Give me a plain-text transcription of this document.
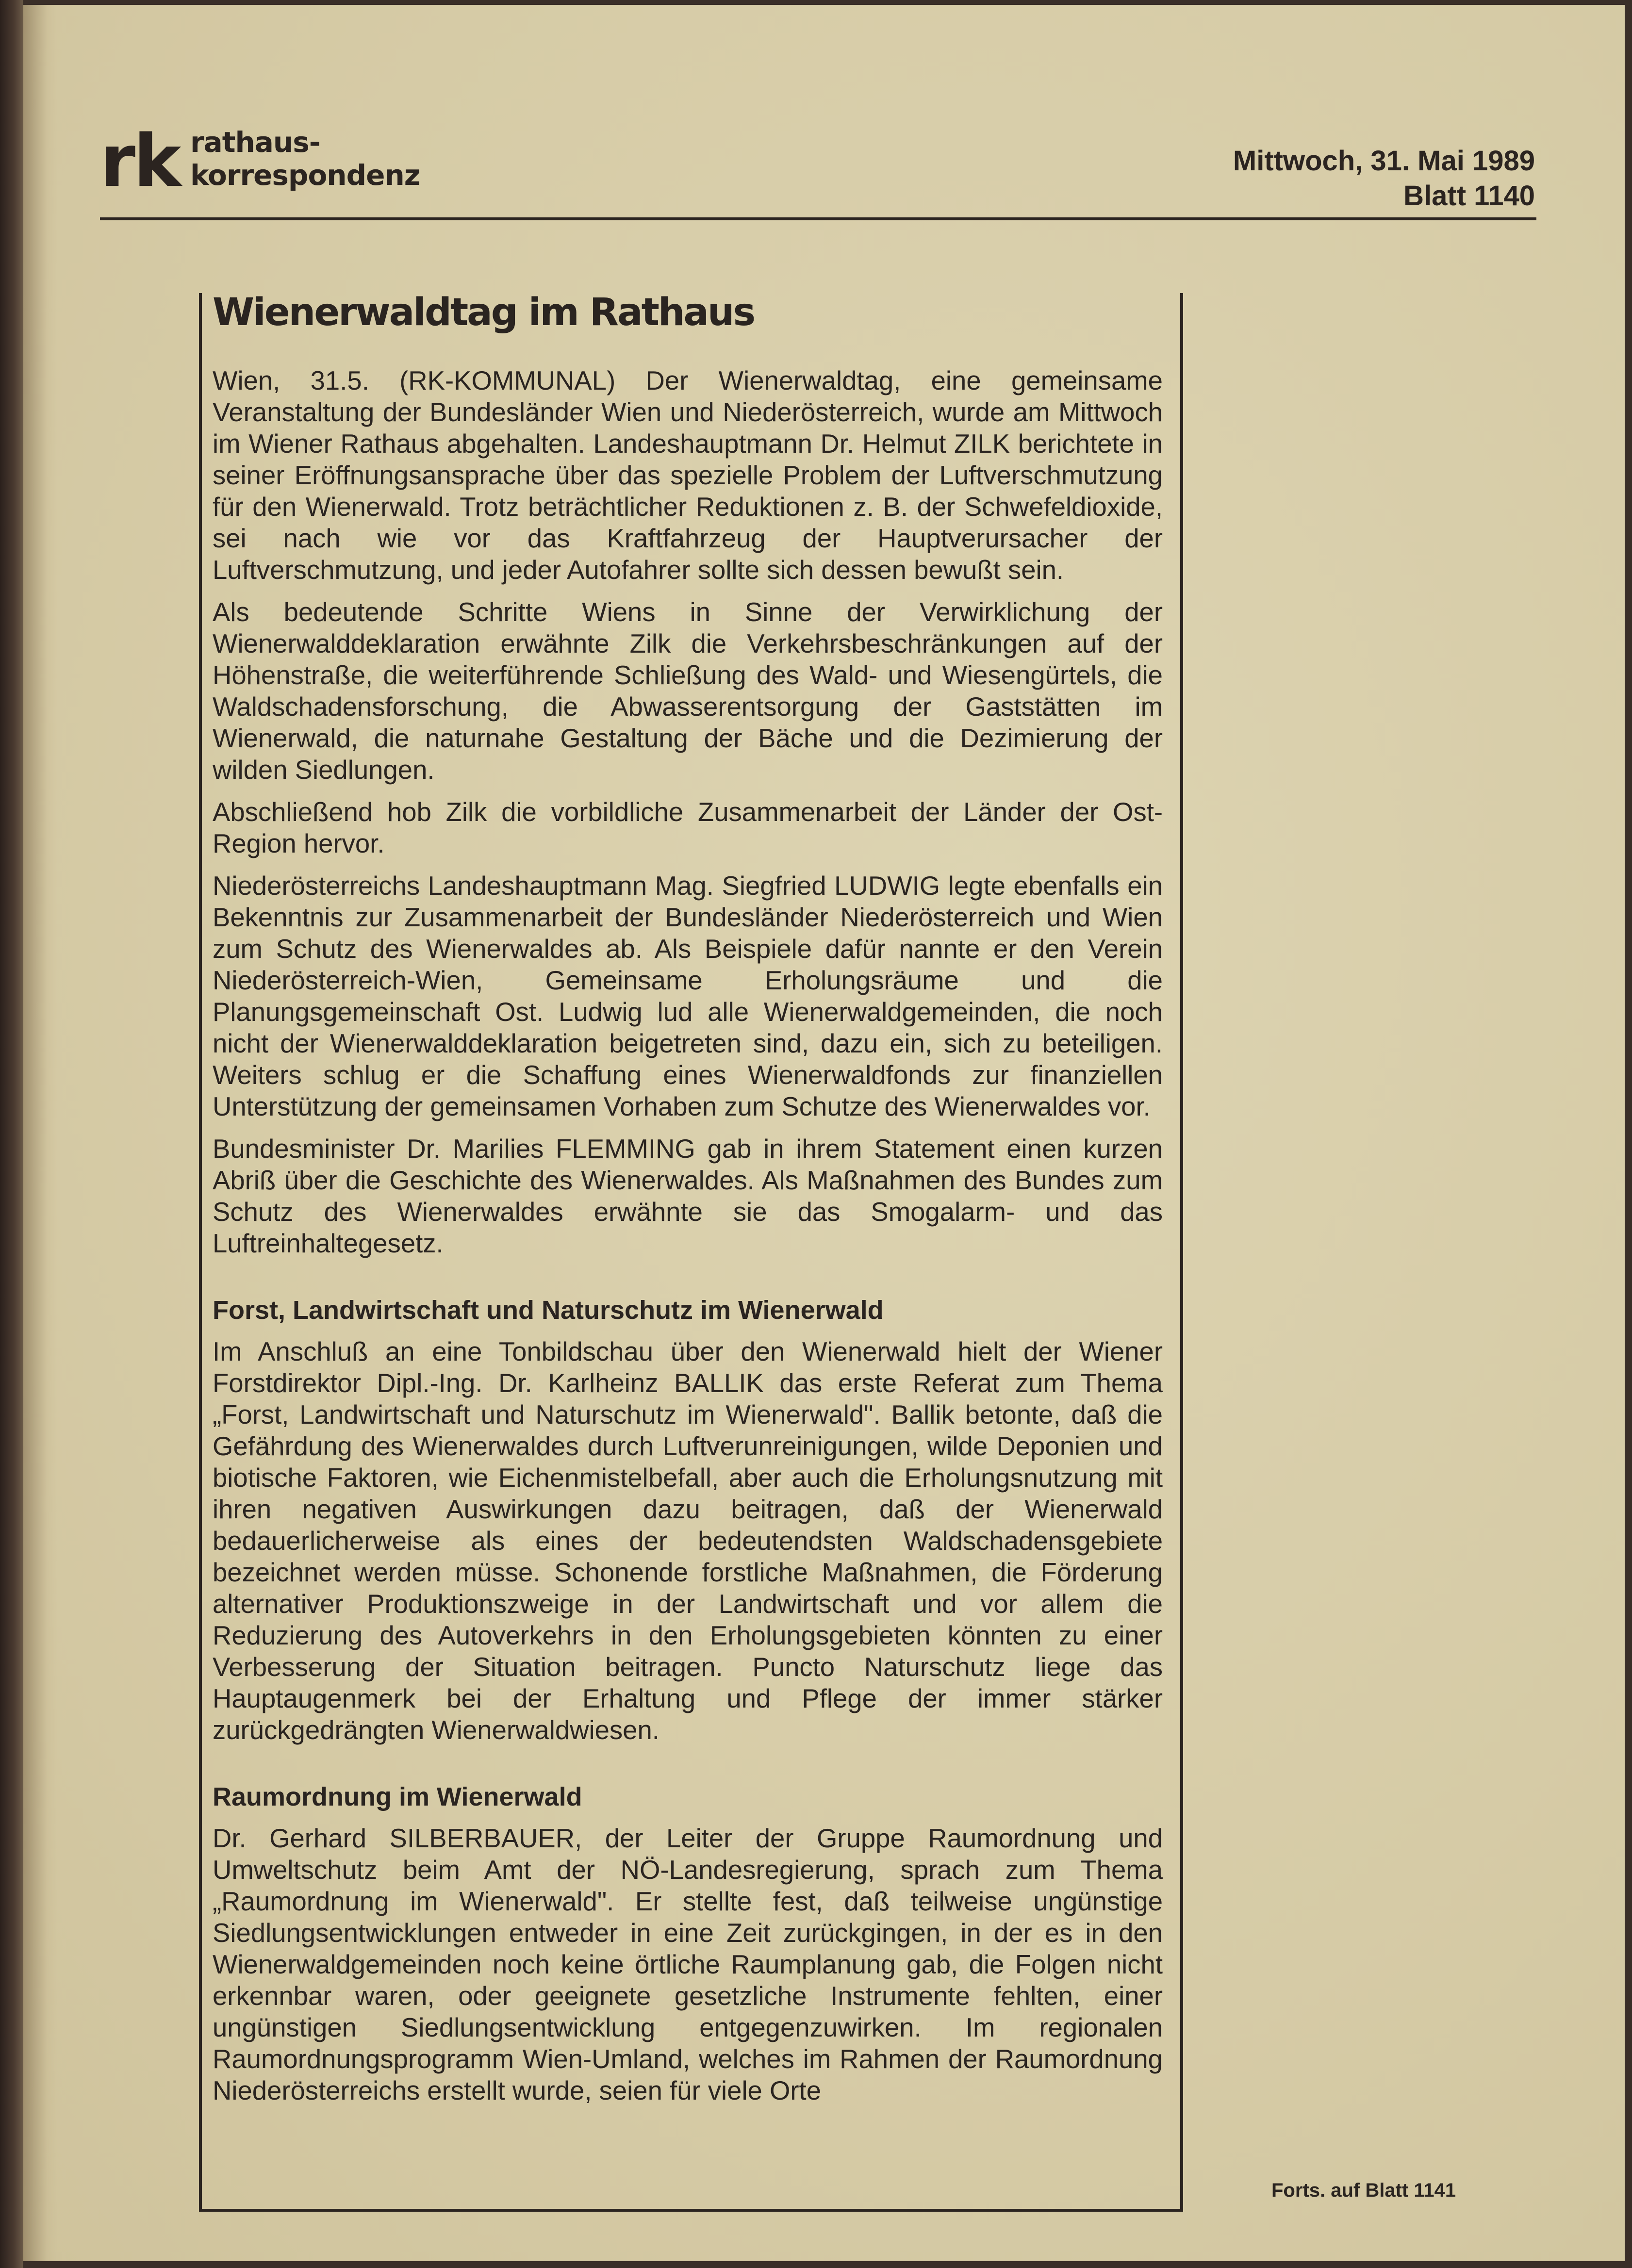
rk rathaus-
korrespondenz	Mittwoch, 31. Mai 1989
Blatt 1140
Wienerwaldtag im Rathaus

Wien, 31.5. (RK-KOMMUNAL) Der Wienerwaldtag, eine gemeinsame Veranstaltung der Bundesländer Wien und Niederösterreich, wurde am Mittwoch im Wiener Rathaus abgehalten. Landeshauptmann Dr. Helmut ZILK berichtete in seiner Eröffnungsansprache über das spezielle Problem der Luftverschmutzung für den Wienerwald. Trotz beträchtlicher Reduktionen z. B. der Schwefeldioxide, sei nach wie vor das Kraftfahrzeug der Hauptverursacher der Luftverschmutzung, und jeder Autofahrer sollte sich dessen bewußt sein.

Als bedeutende Schritte Wiens in Sinne der Verwirklichung der Wienerwalddeklaration erwähnte Zilk die Verkehrsbeschränkungen auf der Höhenstraße, die weiterführende Schließung des Wald- und Wiesengürtels, die Waldschadensforschung, die Abwasserentsorgung der Gaststätten im Wienerwald, die naturnahe Gestaltung der Bäche und die Dezimierung der wilden Siedlungen.

Abschließend hob Zilk die vorbildliche Zusammenarbeit der Länder der Ost-Region hervor.

Niederösterreichs Landeshauptmann Mag. Siegfried LUDWIG legte ebenfalls ein Bekenntnis zur Zusammenarbeit der Bundesländer Niederösterreich und Wien zum Schutz des Wienerwaldes ab. Als Beispiele dafür nannte er den Verein Niederösterreich-Wien, Gemeinsame Erholungsräume und die Planungsgemeinschaft Ost. Ludwig lud alle Wienerwaldgemeinden, die noch nicht der Wienerwalddeklaration beigetreten sind, dazu ein, sich zu beteiligen. Weiters schlug er die Schaffung eines Wienerwaldfonds zur finanziellen Unterstützung der gemeinsamen Vorhaben zum Schutze des Wienerwaldes vor.

Bundesminister Dr. Marilies FLEMMING gab in ihrem Statement einen kurzen Abriß über die Geschichte des Wienerwaldes. Als Maßnahmen des Bundes zum Schutz des Wienerwaldes erwähnte sie das Smogalarm- und das Luftreinhaltegesetz.

Forst, Landwirtschaft und Naturschutz im Wienerwald

Im Anschluß an eine Tonbildschau über den Wienerwald hielt der Wiener Forstdirektor Dipl.-Ing. Dr. Karlheinz BALLIK das erste Referat zum Thema „Forst, Landwirtschaft und Naturschutz im Wienerwald". Ballik betonte, daß die Gefährdung des Wienerwaldes durch Luftverunreinigungen, wilde Deponien und biotische Faktoren, wie Eichenmistelbefall, aber auch die Erholungsnutzung mit ihren negativen Auswirkungen dazu beitragen, daß der Wienerwald bedauerlicherweise als eines der bedeutendsten Waldschadensgebiete bezeichnet werden müsse. Schonende forstliche Maßnahmen, die Förderung alternativer Produktionszweige in der Landwirtschaft und vor allem die Reduzierung des Autoverkehrs in den Erholungsgebieten könnten zu einer Verbesserung der Situation beitragen. Puncto Naturschutz liege das Hauptaugenmerk bei der Erhaltung und Pflege der immer stärker zurückgedrängten Wienerwaldwiesen.

Raumordnung im Wienerwald

Dr. Gerhard SILBERBAUER, der Leiter der Gruppe Raumordnung und Umweltschutz beim Amt der NÖ-Landesregierung, sprach zum Thema „Raumordnung im Wienerwald". Er stellte fest, daß teilweise ungünstige Siedlungsentwicklungen entweder in eine Zeit zurückgingen, in der es in den Wienerwaldgemeinden noch keine örtliche Raumplanung gab, die Folgen nicht erkennbar waren, oder geeignete gesetzliche Instrumente fehlten, einer ungünstigen Siedlungsentwicklung entgegenzuwirken. Im regionalen Raumordnungsprogramm Wien-Umland, welches im Rahmen der Raumordnung Niederösterreichs erstellt wurde, seien für viele Orte

Forts. auf Blatt 1141
